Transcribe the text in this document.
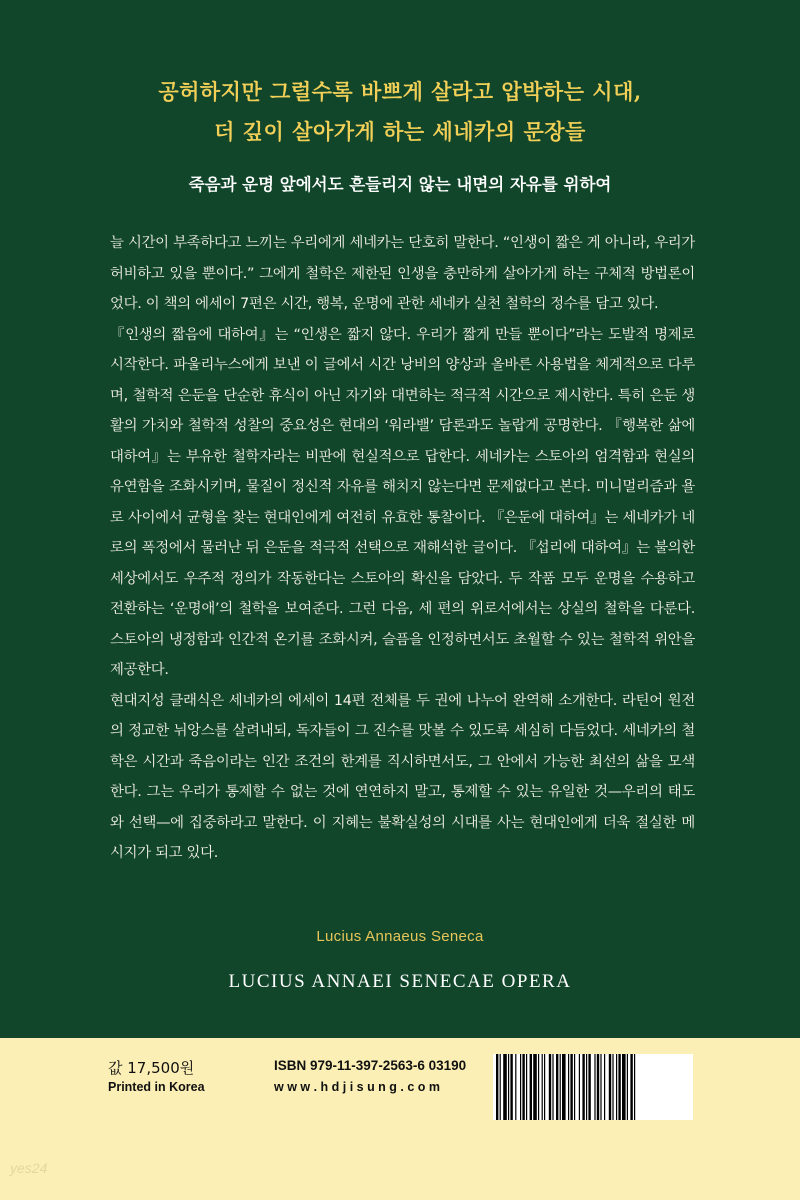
공허하지만 그럴수록 바쁘게 살라고 압박하는 시대,
더 깊이 살아가게 하는 세네카의 문장들
죽음과 운명 앞에서도 흔들리지 않는 내면의 자유를 위하여

늘 시간이 부족하다고 느끼는 우리에게 세네카는 단호히 말한다. “인생이 짧은 게 아니라, 우리가 허비하고 있을 뿐이다.” 그에게 철학은 제한된 인생을 충만하게 살아가게 하는 구체적 방법론이었다. 이 책의 에세이 7편은 시간, 행복, 운명에 관한 세네카 실천 철학의 정수를 담고 있다.

『인생의 짧음에 대하여』는 “인생은 짧지 않다. 우리가 짧게 만들 뿐이다”라는 도발적 명제로 시작한다. 파울리누스에게 보낸 이 글에서 시간 낭비의 양상과 올바른 사용법을 체계적으로 다루며, 철학적 은둔을 단순한 휴식이 아닌 자기와 대면하는 적극적 시간으로 제시한다. 특히 은둔 생활의 가치와 철학적 성찰의 중요성은 현대의 ‘워라밸’ 담론과도 놀랍게 공명한다. 『행복한 삶에 대하여』는 부유한 철학자라는 비판에 현실적으로 답한다. 세네카는 스토아의 엄격함과 현실의 유연함을 조화시키며, 물질이 정신적 자유를 해치지 않는다면 문제없다고 본다. 미니멀리즘과 욜로 사이에서 균형을 찾는 현대인에게 여전히 유효한 통찰이다. 『은둔에 대하여』는 세네카가 네로의 폭정에서 물러난 뒤 은둔을 적극적 선택으로 재해석한 글이다. 『섭리에 대하여』는 불의한 세상에서도 우주적 정의가 작동한다는 스토아의 확신을 담았다. 두 작품 모두 운명을 수용하고 전환하는 ‘운명애’의 철학을 보여준다. 그런 다음, 세 편의 위로서에서는 상실의 철학을 다룬다. 스토아의 냉정함과 인간적 온기를 조화시켜, 슬픔을 인정하면서도 초월할 수 있는 철학적 위안을 제공한다.

현대지성 클래식은 세네카의 에세이 14편 전체를 두 권에 나누어 완역해 소개한다. 라틴어 원전의 정교한 뉘앙스를 살려내되, 독자들이 그 진수를 맛볼 수 있도록 세심히 다듬었다. 세네카의 철학은 시간과 죽음이라는 인간 조건의 한계를 직시하면서도, 그 안에서 가능한 최선의 삶을 모색한다. 그는 우리가 통제할 수 없는 것에 연연하지 말고, 통제할 수 있는 유일한 것—우리의 태도와 선택—에 집중하라고 말한다. 이 지혜는 불확실성의 시대를 사는 현대인에게 더욱 절실한 메시지가 되고 있다.

Lucius Annaeus Seneca
LUCIUS ANNAEI SENECAE OPERA
값 17,500원
Printed in Korea
ISBN 979-11-397-2563-6 03190
w w w . h d j i s u n g . c o m
yes24
